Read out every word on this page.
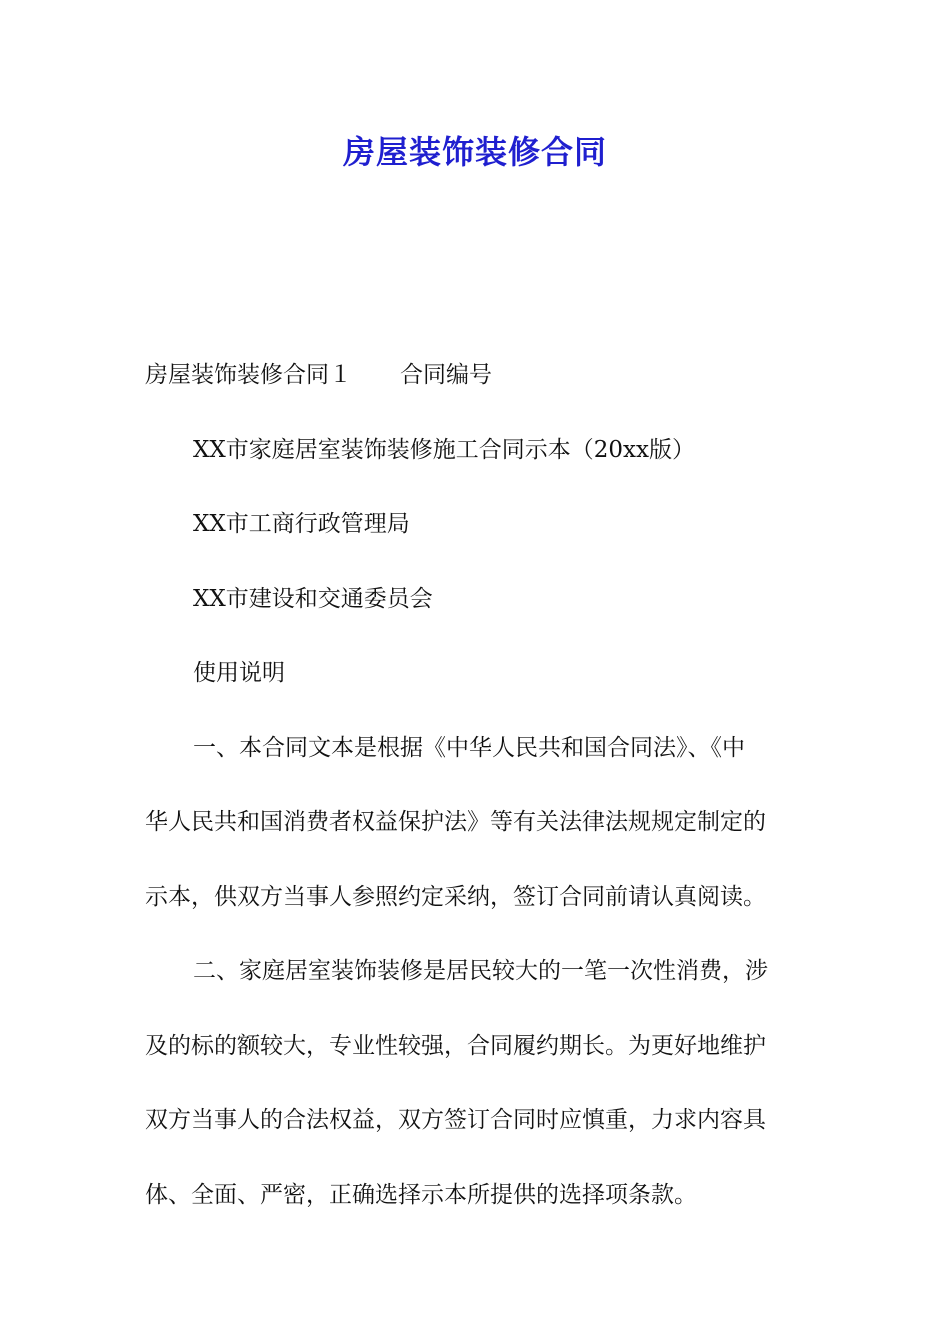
房屋装饰装修合同
房屋装饰装修合同１ 合同编号
XX市家庭居室装饰装修施工合同示本（20xx版）
XX市工商行政管理局
XX市建设和交通委员会
使用说明
一、本合同文本是根据《中华人民共和国合同法》、《中
华人民共和国消费者权益保护法》等有关法律法规规定制定的
示本，供双方当事人参照约定采纳，签订合同前请认真阅读。
二、家庭居室装饰装修是居民较大的一笔一次性消费，涉
及的标的额较大，专业性较强，合同履约期长。为更好地维护
双方当事人的合法权益，双方签订合同时应慎重，力求内容具
体、全面、严密，正确选择示本所提供的选择项条款。
